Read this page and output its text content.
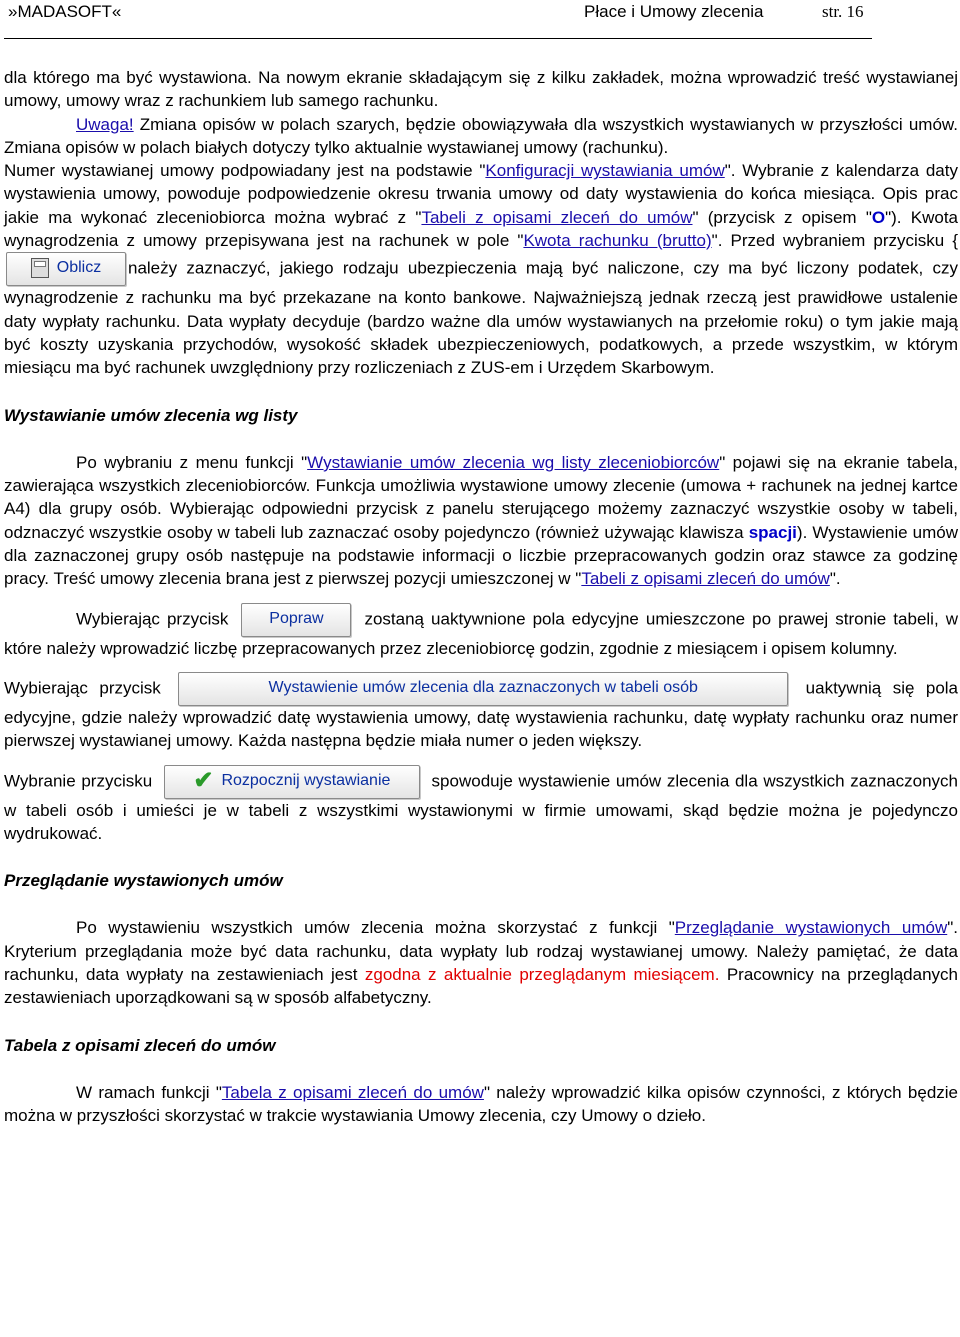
»MADASOFT«	Płace i Umowy zlecenia	str. 16

dla którego ma być wystawiona. Na nowym ekranie składającym się z kilku zakładek, można wprowadzić treść wystawianej umowy, umowy wraz z rachunkiem lub samego rachunku.

Uwaga! Zmiana opisów w polach szarych, będzie obowiązywała dla wszystkich wystawianych w przyszłości umów. Zmiana opisów w polach białych dotyczy tylko aktualnie wystawianej umowy (rachunku).

Numer wystawianej umowy podpowiadany jest na podstawie "Konfiguracji wystawiania umów". Wybranie z kalendarza daty wystawienia umowy, powoduje podpowiedzenie okresu trwania umowy od daty wystawienia do końca miesiąca. Opis prac jakie ma wykonać zleceniobiorca można wybrać z "Tabeli z opisami zleceń do umów" (przycisk z opisem "O"). Kwota wynagrodzenia z umowy przepisywana jest na rachunek w pole "Kwota rachunku (brutto)". Przed wybraniem przycisku {Oblicz należy zaznaczyć, jakiego rodzaju ubezpieczenia mają być naliczone, czy ma być liczony podatek, czy wynagrodzenie z rachunku ma być przekazane na konto bankowe. Najważniejszą jednak rzeczą jest prawidłowe ustalenie daty wypłaty rachunku. Data wypłaty decyduje (bardzo ważne dla umów wystawianych na przełomie roku) o tym jakie mają być koszty uzyskania przychodów, wysokość składek ubezpieczeniowych, podatkowych, a przede wszystkim, w którym miesiącu ma być rachunek uwzględniony przy rozliczeniach z ZUS-em i Urzędem Skarbowym.

Wystawianie umów zlecenia wg listy

Po wybraniu z menu funkcji "Wystawianie umów zlecenia wg listy zleceniobiorców" pojawi się na ekranie tabela, zawierająca wszystkich zleceniobiorców. Funkcja umożliwia wystawione umowy zlecenie (umowa + rachunek na jednej kartce A4) dla grupy osób. Wybierając odpowiedni przycisk z panelu sterującego możemy zaznaczyć wszystkie osoby w tabeli, odznaczyć wszystkie osoby w tabeli lub zaznaczać osoby pojedynczo (również używając klawisza spacji). Wystawienie umów dla zaznaczonej grupy osób następuje na podstawie informacji o liczbie przepracowanych godzin oraz stawce za godzinę pracy. Treść umowy zlecenia brana jest z pierwszej pozycji umieszczonej w "Tabeli z opisami zleceń do umów".

Wybierając przycisk	Popraw zostaną uaktywnione pola edycyjne umieszczone po prawej stronie tabeli, w które należy wprowadzić liczbę przepracowanych przez zleceniobiorcę godzin, zgodnie z miesiącem i opisem kolumny.

Wybierając przycisk	Wystawienie umów zlecenia dla zaznaczonych w tabeli osób	uaktywnią się pola edycyjne, gdzie należy wprowadzić datę wystawienia umowy, datę wystawienia rachunku, datę wypłaty rachunku oraz numer pierwszej wystawianej umowy. Każda następna będzie miała numer o jeden większy.

Wybranie przycisku ✔ Rozpocznij wystawianie spowoduje wystawienie umów zlecenia dla wszystkich zaznaczonych w tabeli osób i umieści je w tabeli z wszystkimi wystawionymi w firmie umowami, skąd będzie można je pojedynczo wydrukować.

Przeglądanie wystawionych umów

Po wystawieniu wszystkich umów zlecenia można skorzystać z funkcji "Przeglądanie wystawionych umów". Kryterium przeglądania może być data rachunku, data wypłaty lub rodzaj wystawianej umowy. Należy pamiętać, że data rachunku, data wypłaty na zestawieniach jest zgodna z aktualnie przeglądanym miesiącem. Pracownicy na przeglądanych zestawieniach uporządkowani są w sposób alfabetyczny.

Tabela z opisami zleceń do umów

W ramach funkcji "Tabela z opisami zleceń do umów" należy wprowadzić kilka opisów czynności, z których będzie można w przyszłości skorzystać w trakcie wystawiania Umowy zlecenia, czy Umowy o dzieło.
